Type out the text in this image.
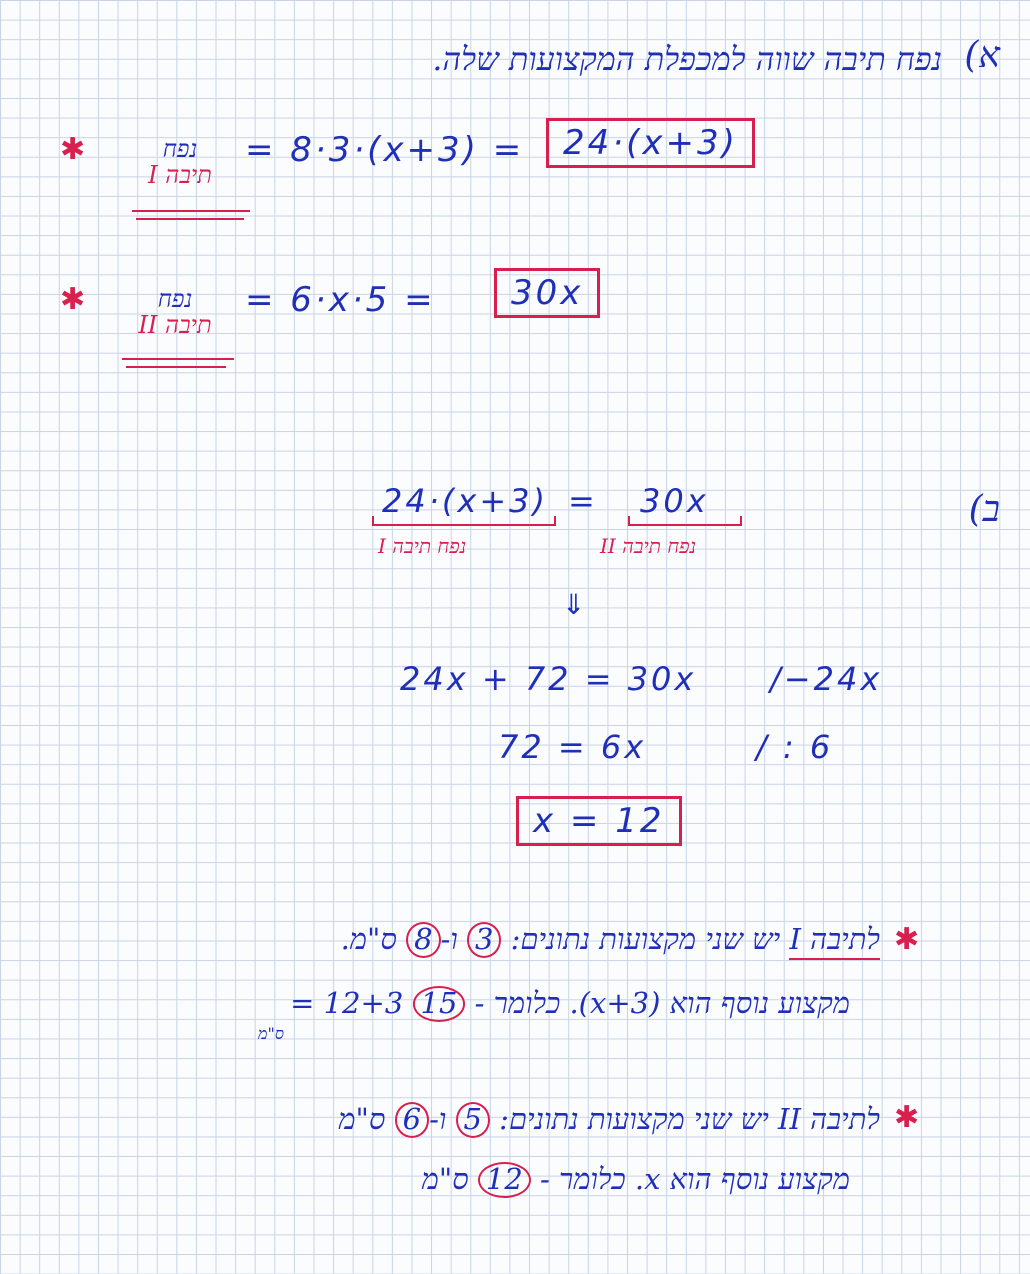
א)
נפח תיבה שווה למכפלת המקצועות שלה.
✱	נפח
תיבה I
= 8·3·(x+3) =	24·(x+3)
✱	נפח
תיבה II
= 6·x·5 =	30x
ב)
24·(x+3) = 30x
נפח תיבה I	נפח תיבה II
⇓
24x + 72 = 30x /−24x
72 = 6x	/ : 6
x = 12
✱
לתיבה I יש שני מקצועות נתונים: 3 ו-8 ס"מ.
מקצוע נוסף הוא (x+3). כלומר - 15 = 12+3
ס"מ
✱
לתיבה II יש שני מקצועות נתונים: 5 ו-6 ס"מ
מקצוע נוסף הוא x. כלומר - 12 ס"מ
